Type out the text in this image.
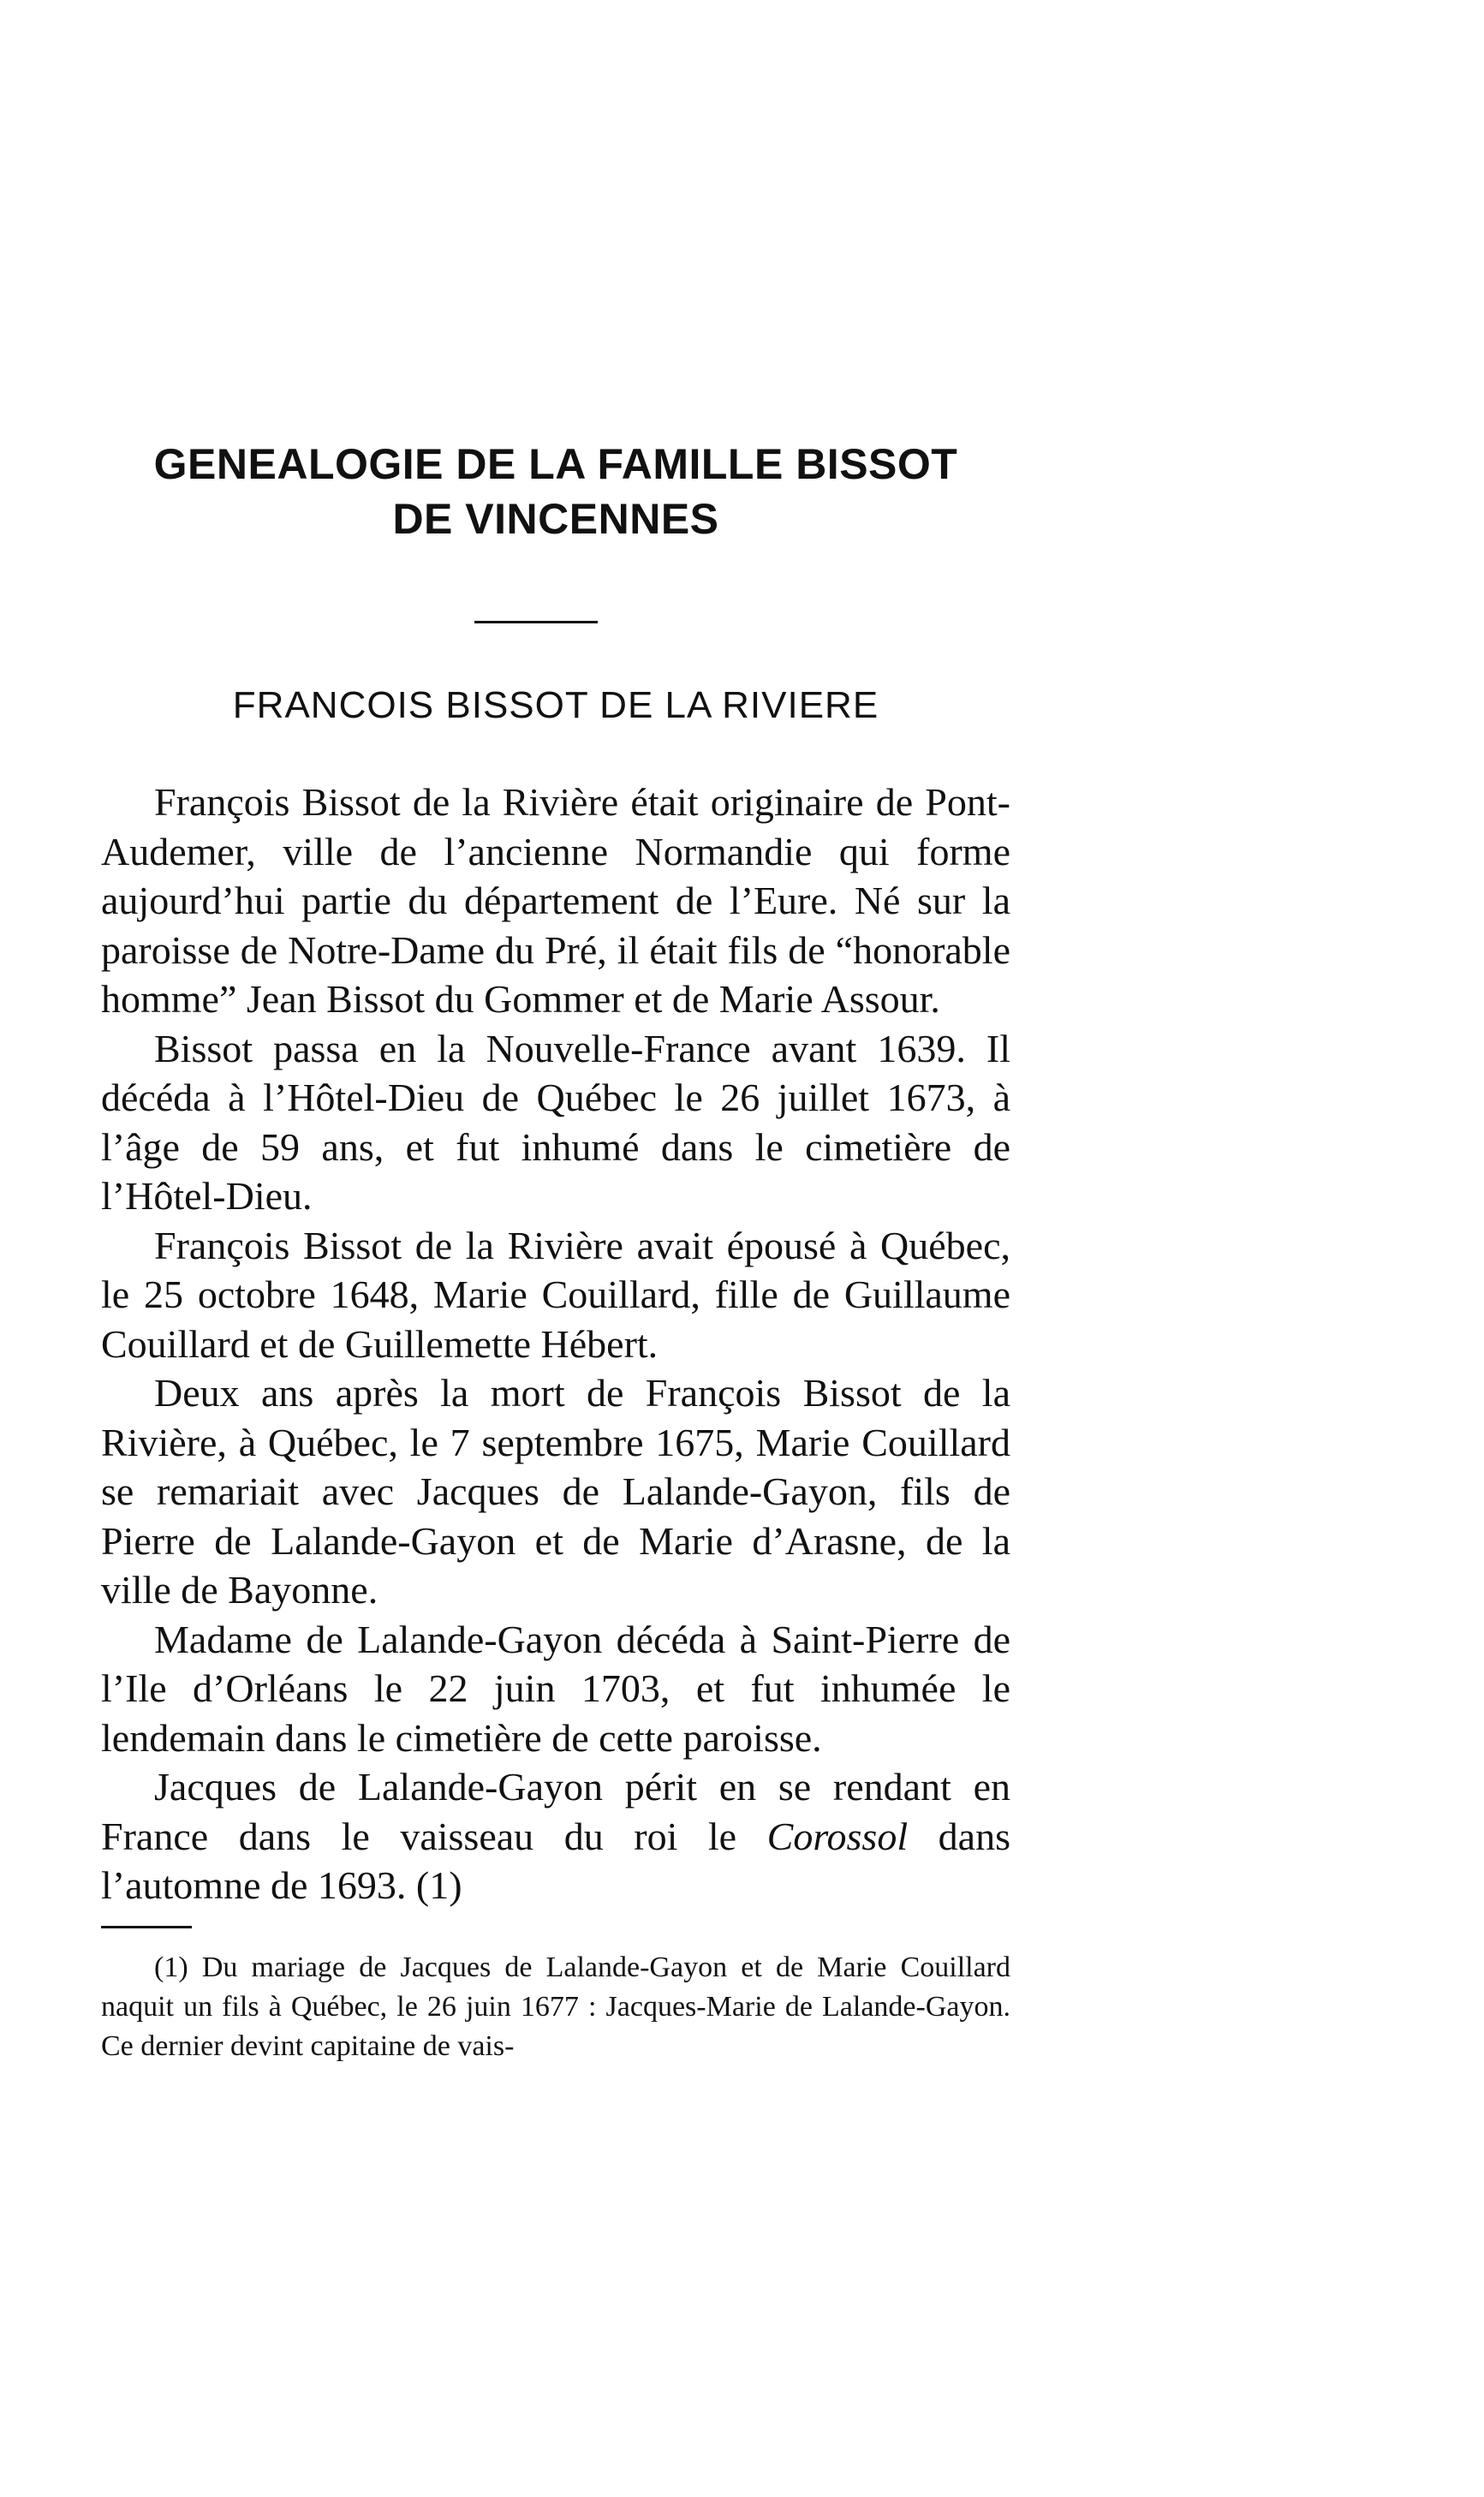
GENEALOGIE DE LA FAMILLE BISSOT
DE VINCENNES
FRANCOIS BISSOT DE LA RIVIERE

François Bissot de la Rivière était originaire de Pont-Audemer, ville de l’ancienne Normandie qui forme aujourd’hui partie du département de l’Eure. Né sur la paroisse de Notre-Dame du Pré, il était fils de “honorable homme” Jean Bissot du Gommer et de Marie Assour.

Bissot passa en la Nouvelle-France avant 1639. Il décéda à l’Hôtel-Dieu de Québec le 26 juillet 1673, à l’âge de 59 ans, et fut inhumé dans le cimetière de l’Hôtel-Dieu.

François Bissot de la Rivière avait épousé à Québec, le 25 octobre 1648, Marie Couillard, fille de Guillaume Couillard et de Guillemette Hébert.

Deux ans après la mort de François Bissot de la Rivière, à Québec, le 7 septembre 1675, Marie Couillard se remariait avec Jacques de Lalande-Gayon, fils de Pierre de Lalande-Gayon et de Marie d’Arasne, de la ville de Bayonne.

Madame de Lalande-Gayon décéda à Saint-Pierre de l’Ile d’Orléans le 22 juin 1703, et fut inhumée le lendemain dans le cimetière de cette paroisse.

Jacques de Lalande-Gayon périt en se rendant en France dans le vaisseau du roi le Corossol dans l’automne de 1693. (1)

(1) Du mariage de Jacques de Lalande-Gayon et de Marie Couillard naquit un fils à Québec, le 26 juin 1677 : Jacques-Marie de Lalande-Gayon. Ce dernier devint capitaine de vais-
